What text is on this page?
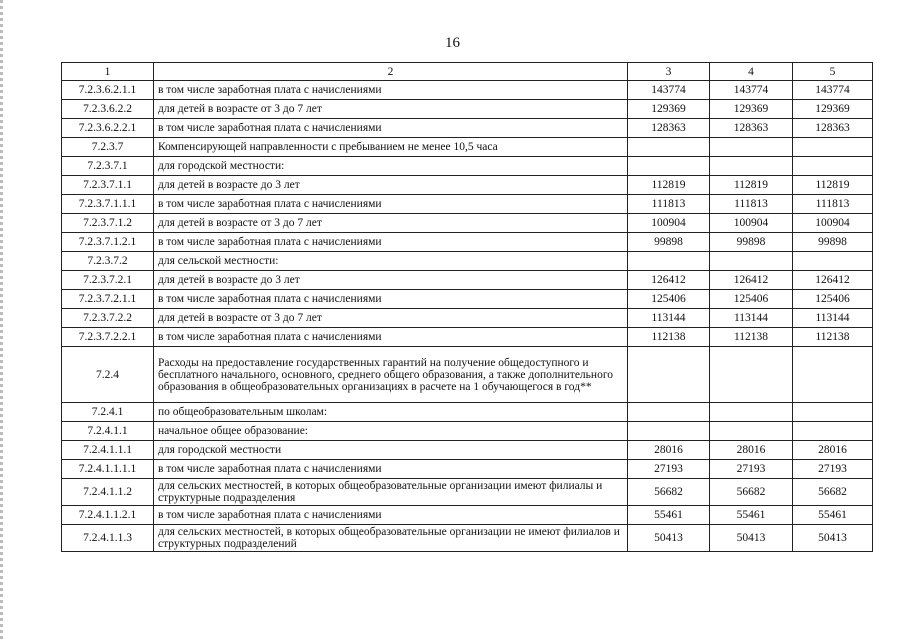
16
1	2	3	4	5
7.2.3.6.2.1.1	в том числе заработная плата с начислениями	143774	143774	143774
7.2.3.6.2.2	для детей в возрасте от 3 до 7 лет	129369	129369	129369
7.2.3.6.2.2.1	в том числе заработная плата с начислениями	128363	128363	128363
7.2.3.7	Компенсирующей направленности с пребыванием не менее 10,5 часа			
7.2.3.7.1	для городской местности:			
7.2.3.7.1.1	для детей в возрасте до 3 лет	112819	112819	112819
7.2.3.7.1.1.1	в том числе заработная плата с начислениями	111813	111813	111813
7.2.3.7.1.2	для детей в возрасте от 3 до 7 лет	100904	100904	100904
7.2.3.7.1.2.1	в том числе заработная плата с начислениями	99898	99898	99898
7.2.3.7.2	для сельской местности:			
7.2.3.7.2.1	для детей в возрасте до 3 лет	126412	126412	126412
7.2.3.7.2.1.1	в том числе заработная плата с начислениями	125406	125406	125406
7.2.3.7.2.2	для детей в возрасте от 3 до 7 лет	113144	113144	113144
7.2.3.7.2.2.1	в том числе заработная плата с начислениями	112138	112138	112138
7.2.4	Расходы на предоставление государственных гарантий на получение общедоступного и бесплатного начального, основного, среднего общего образования, а также дополнительного образования в общеобразовательных организациях в расчете на 1 обучающегося в год**			
7.2.4.1	по общеобразовательным школам:			
7.2.4.1.1	начальное общее образование:			
7.2.4.1.1.1	для городской местности	28016	28016	28016
7.2.4.1.1.1.1	в том числе заработная плата с начислениями	27193	27193	27193
7.2.4.1.1.2	для сельских местностей, в которых общеобразовательные организации имеют филиалы и структурные подразделения	56682	56682	56682
7.2.4.1.1.2.1	в том числе заработная плата с начислениями	55461	55461	55461
7.2.4.1.1.3	для сельских местностей, в которых общеобразовательные организации не имеют филиалов и структурных подразделений	50413	50413	50413
